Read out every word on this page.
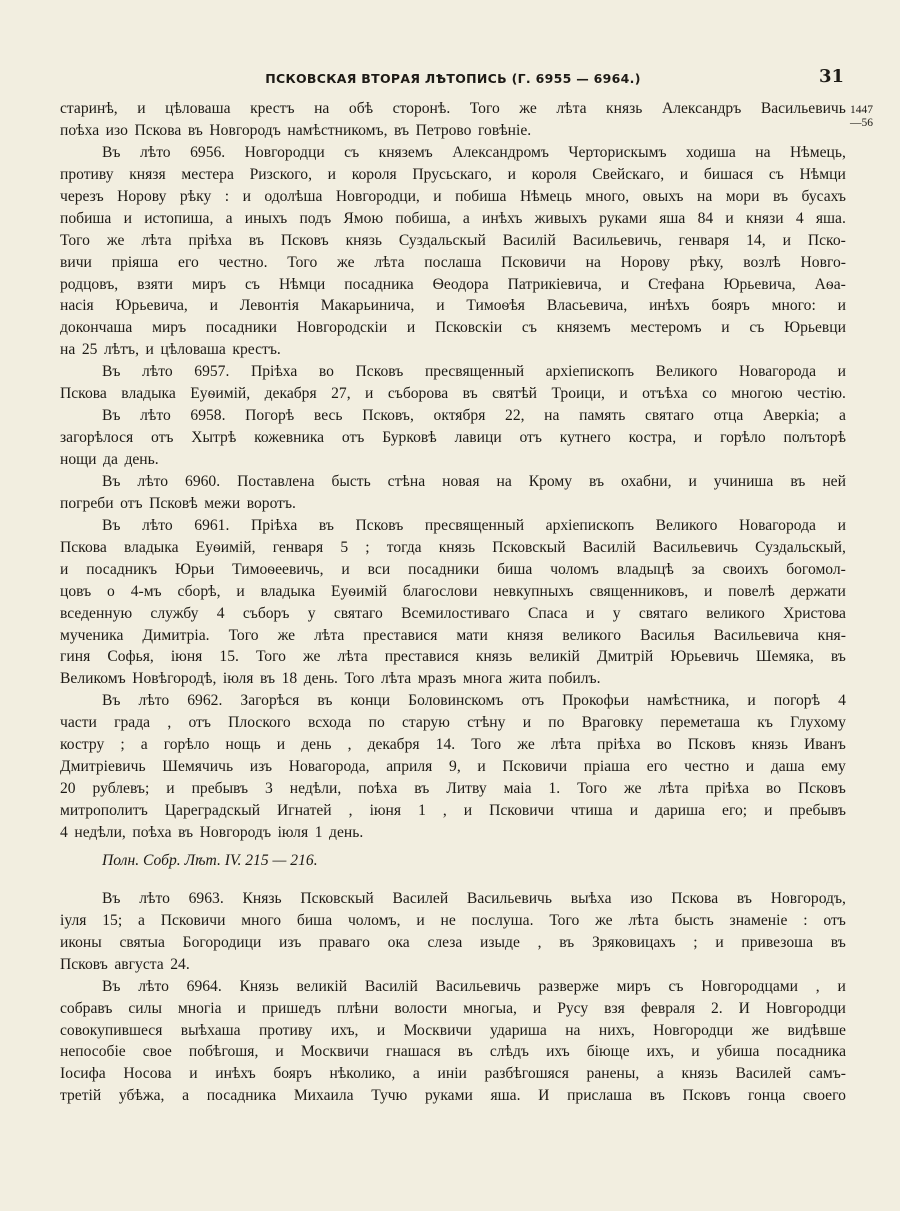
ПСКОВСКАЯ ВТОРАЯ ЛѢТОПИСЬ (Г. 6955 — 6964.)	31
1447
—56
старинѣ, и цѣловаша крестъ на обѣ сторонѣ. Того же лѣта князь Александръ Васильевичь
поѣха изо Пскова въ Новгородъ намѣстникомъ, въ Петрово говѣніе.
Въ лѣто 6956. Новгородци съ княземъ Александромъ Черторискымъ ходиша на Нѣмець,
противу князя местера Ризского, и короля Прусьскаго, и короля Свейскаго, и бишася съ Нѣмци
черезъ Норову рѣку : и одолѣша Новгородци, и побиша Нѣмець много, овыхъ на мори въ бусахъ
побиша и истопиша, а иныхъ подъ Ямою побиша, а инѣхъ живыхъ руками яша 84 и князи 4 яша.
Того же лѣта пріѣха въ Псковъ князь Суздальскый Василій Васильевичь, генваря 14, и Пско-
вичи пріяша его честно. Того же лѣта послаша Псковичи на Норову рѣку, возлѣ Новго-
родцовъ, взяти миръ съ Нѣмци посадника Ѳеодора Патрикіевича, и Стефана Юрьевича, Аѳа-
насія Юрьевича, и Левонтія Макарьинича, и Тимоѳѣя Власьевича, инѣхъ бояръ много: и
докончаша миръ посадники Новгородскіи и Псковскіи съ княземъ местеромъ и съ Юрьевци
на 25 лѣтъ, и цѣловаша крестъ.
Въ лѣто 6957. Пріѣха во Псковъ пресвященный архіепископъ Великого Новагорода и
Пскова владыка Еуѳимій, декабря 27, и съборова въ святѣй Троици, и отъѣха со многою честію.
Въ лѣто 6958. Погорѣ весь Псковъ, октября 22, на память святаго отца Аверкіа; а
загорѣлося отъ Хытрѣ кожевника отъ Бурковѣ лавици отъ кутнего костра, и горѣло полъторѣ
нощи да день.
Въ лѣто 6960. Поставлена бысть стѣна новая на Крому въ охабни, и учиниша въ ней
погреби отъ Псковѣ межи воротъ.
Въ лѣто 6961. Пріѣха въ Псковъ пресвященный архіепископъ Великого Новагорода и
Пскова владыка Еуѳимій, генваря 5 ; тогда князь Псковскый Василій Васильевичь Суздальскый,
и посадникъ Юрьи Тимоѳеевичь, и вси посадники биша чоломъ владыцѣ за своихъ богомол-
цовъ о 4-мъ сборѣ, и владыка Еуѳимій благослови невкупныхъ священниковъ, и повелѣ держати
вседенную службу 4 съборъ у святаго Всемилостиваго Спаса и у святаго великого Христова
мученика Димитріа. Того же лѣта преставися мати князя великого Василья Васильевича кня-
гиня Софья, іюня 15. Того же лѣта преставися князь великій Дмитрій Юрьевичь Шемяка, въ
Великомъ Новѣгородѣ, іюля въ 18 день. Того лѣта мразъ многа жита побилъ.
Въ лѣто 6962. Загорѣся въ конци Боловинскомъ отъ Прокофьи намѣстника, и погорѣ 4
части града , отъ Плоского всхода по старую стѣну и по Враговку переметаша къ Глухому
костру ; а горѣло нощь и день , декабря 14. Того же лѣта пріѣха во Псковъ князь Иванъ
Дмитріевичь Шемячичь изъ Новагорода, априля 9, и Псковичи пріаша его честно и даша ему
20 рублевъ; и пребывъ 3 недѣли, поѣха въ Литву маіа 1. Того же лѣта пріѣха во Псковъ
митрополитъ Цареградскый Игнатей , іюня 1 , и Псковичи чтиша и дариша его; и пребывъ
4 недѣли, поѣха въ Новгородъ іюля 1 день.
Полн. Собр. Лѣт. IV. 215 — 216.
Въ лѣто 6963. Князь Псковскый Василей Васильевичь выѣха изо Пскова въ Новгородъ,
іуля 15; а Псковичи много биша чоломъ, и не послуша. Того же лѣта бысть знаменіе : отъ
иконы святыа Богородици изъ праваго ока слеза изыде , въ Зряковицахъ ; и привезоша въ
Псковъ августа 24.
Въ лѣто 6964. Князь великій Василій Васильевичь разверже миръ съ Новгородцами , и
собравъ силы многіа и пришедъ плѣни волости многыа, и Русу взя февраля 2. И Новгородци
совокупившеся выѣхаша противу ихъ, и Москвичи удариша на нихъ, Новгородци же видѣвше
непособіе свое побѣгошя, и Москвичи гнашася въ слѣдъ ихъ біюще ихъ, и убиша посадника
Іосифа Носова и инѣхъ бояръ нѣколико, а иніи разбѣгошяся ранены, а князь Василей самъ-
третій убѣжа, а посадника Михаила Тучю руками яша. И прислаша въ Псковъ гонца своего
